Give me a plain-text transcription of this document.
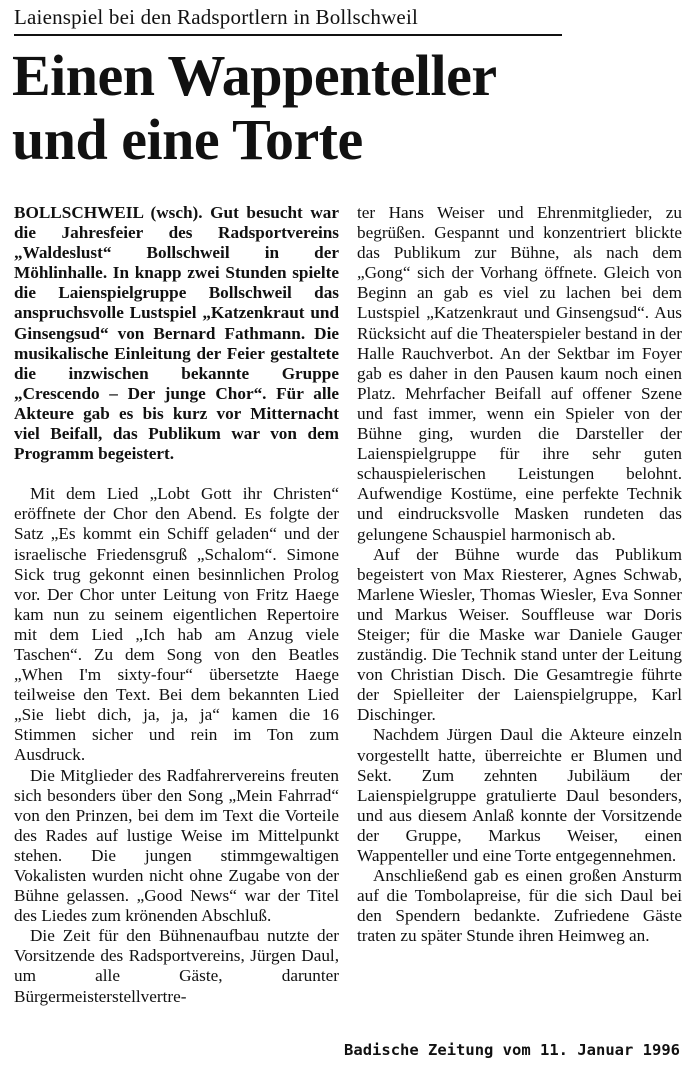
Laienspiel bei den Radsportlern in Bollschweil
Einen Wappenteller
und eine Torte

BOLLSCHWEIL (wsch). Gut besucht war die Jahresfeier des Radsportvereins „Waldeslust“ Bollschweil in der Möhlinhalle. In knapp zwei Stunden spielte die Laienspielgruppe Bollschweil das anspruchsvolle Lustspiel „Katzenkraut und Ginsengsud“ von Bernard Fathmann. Die musikalische Einleitung der Feier gestaltete die inzwischen bekannte Gruppe „Crescendo – Der junge Chor“. Für alle Akteure gab es bis kurz vor Mitternacht viel Beifall, das Publikum war von dem Programm begeistert.

Mit dem Lied „Lobt Gott ihr Christen“ eröffnete der Chor den Abend. Es folgte der Satz „Es kommt ein Schiff geladen“ und der israelische Friedensgruß „Schalom“. Simone Sick trug gekonnt einen besinnlichen Prolog vor. Der Chor unter Leitung von Fritz Haege kam nun zu seinem eigentlichen Repertoire mit dem Lied „Ich hab am Anzug viele Taschen“. Zu dem Song von den Beatles „When I'm sixty-four“ übersetzte Haege teilweise den Text. Bei dem bekannten Lied „Sie liebt dich, ja, ja, ja“ kamen die 16 Stimmen sicher und rein im Ton zum Ausdruck.

Die Mitglieder des Radfahrervereins freuten sich besonders über den Song „Mein Fahrrad“ von den Prinzen, bei dem im Text die Vorteile des Rades auf lustige Weise im Mittelpunkt stehen. Die jungen stimmgewaltigen Vokalisten wurden nicht ohne Zugabe von der Bühne gelassen. „Good News“ war der Titel des Liedes zum krönenden Abschluß.

Die Zeit für den Bühnenaufbau nutzte der Vorsitzende des Radsportvereins, Jürgen Daul, um alle Gäste, darunter Bürgermeisterstellvertre-

ter Hans Weiser und Ehrenmitglieder, zu begrüßen. Gespannt und konzentriert blickte das Publikum zur Bühne, als nach dem „Gong“ sich der Vorhang öffnete. Gleich von Beginn an gab es viel zu lachen bei dem Lustspiel „Katzenkraut und Ginsengsud“. Aus Rücksicht auf die Theaterspieler bestand in der Halle Rauchverbot. An der Sektbar im Foyer gab es daher in den Pausen kaum noch einen Platz. Mehrfacher Beifall auf offener Szene und fast immer, wenn ein Spieler von der Bühne ging, wurden die Darsteller der Laienspielgruppe für ihre sehr guten schauspielerischen Leistungen belohnt. Aufwendige Kostüme, eine perfekte Technik und eindrucksvolle Masken rundeten das gelungene Schauspiel harmonisch ab.

Auf der Bühne wurde das Publikum begeistert von Max Riesterer, Agnes Schwab, Marlene Wiesler, Thomas Wiesler, Eva Sonner und Markus Weiser. Souffleuse war Doris Steiger; für die Maske war Daniele Gauger zuständig. Die Technik stand unter der Leitung von Christian Disch. Die Gesamtregie führte der Spielleiter der Laienspielgruppe, Karl Dischinger.

Nachdem Jürgen Daul die Akteure einzeln vorgestellt hatte, überreichte er Blumen und Sekt. Zum zehnten Jubiläum der Laienspielgruppe gratulierte Daul besonders, und aus diesem Anlaß konnte der Vorsitzende der Gruppe, Markus Weiser, einen Wappenteller und eine Torte entgegennehmen.

Anschließend gab es einen großen Ansturm auf die Tombolapreise, für die sich Daul bei den Spendern bedankte. Zufriedene Gäste traten zu später Stunde ihren Heimweg an.

Badische Zeitung vom 11. Januar 1996
